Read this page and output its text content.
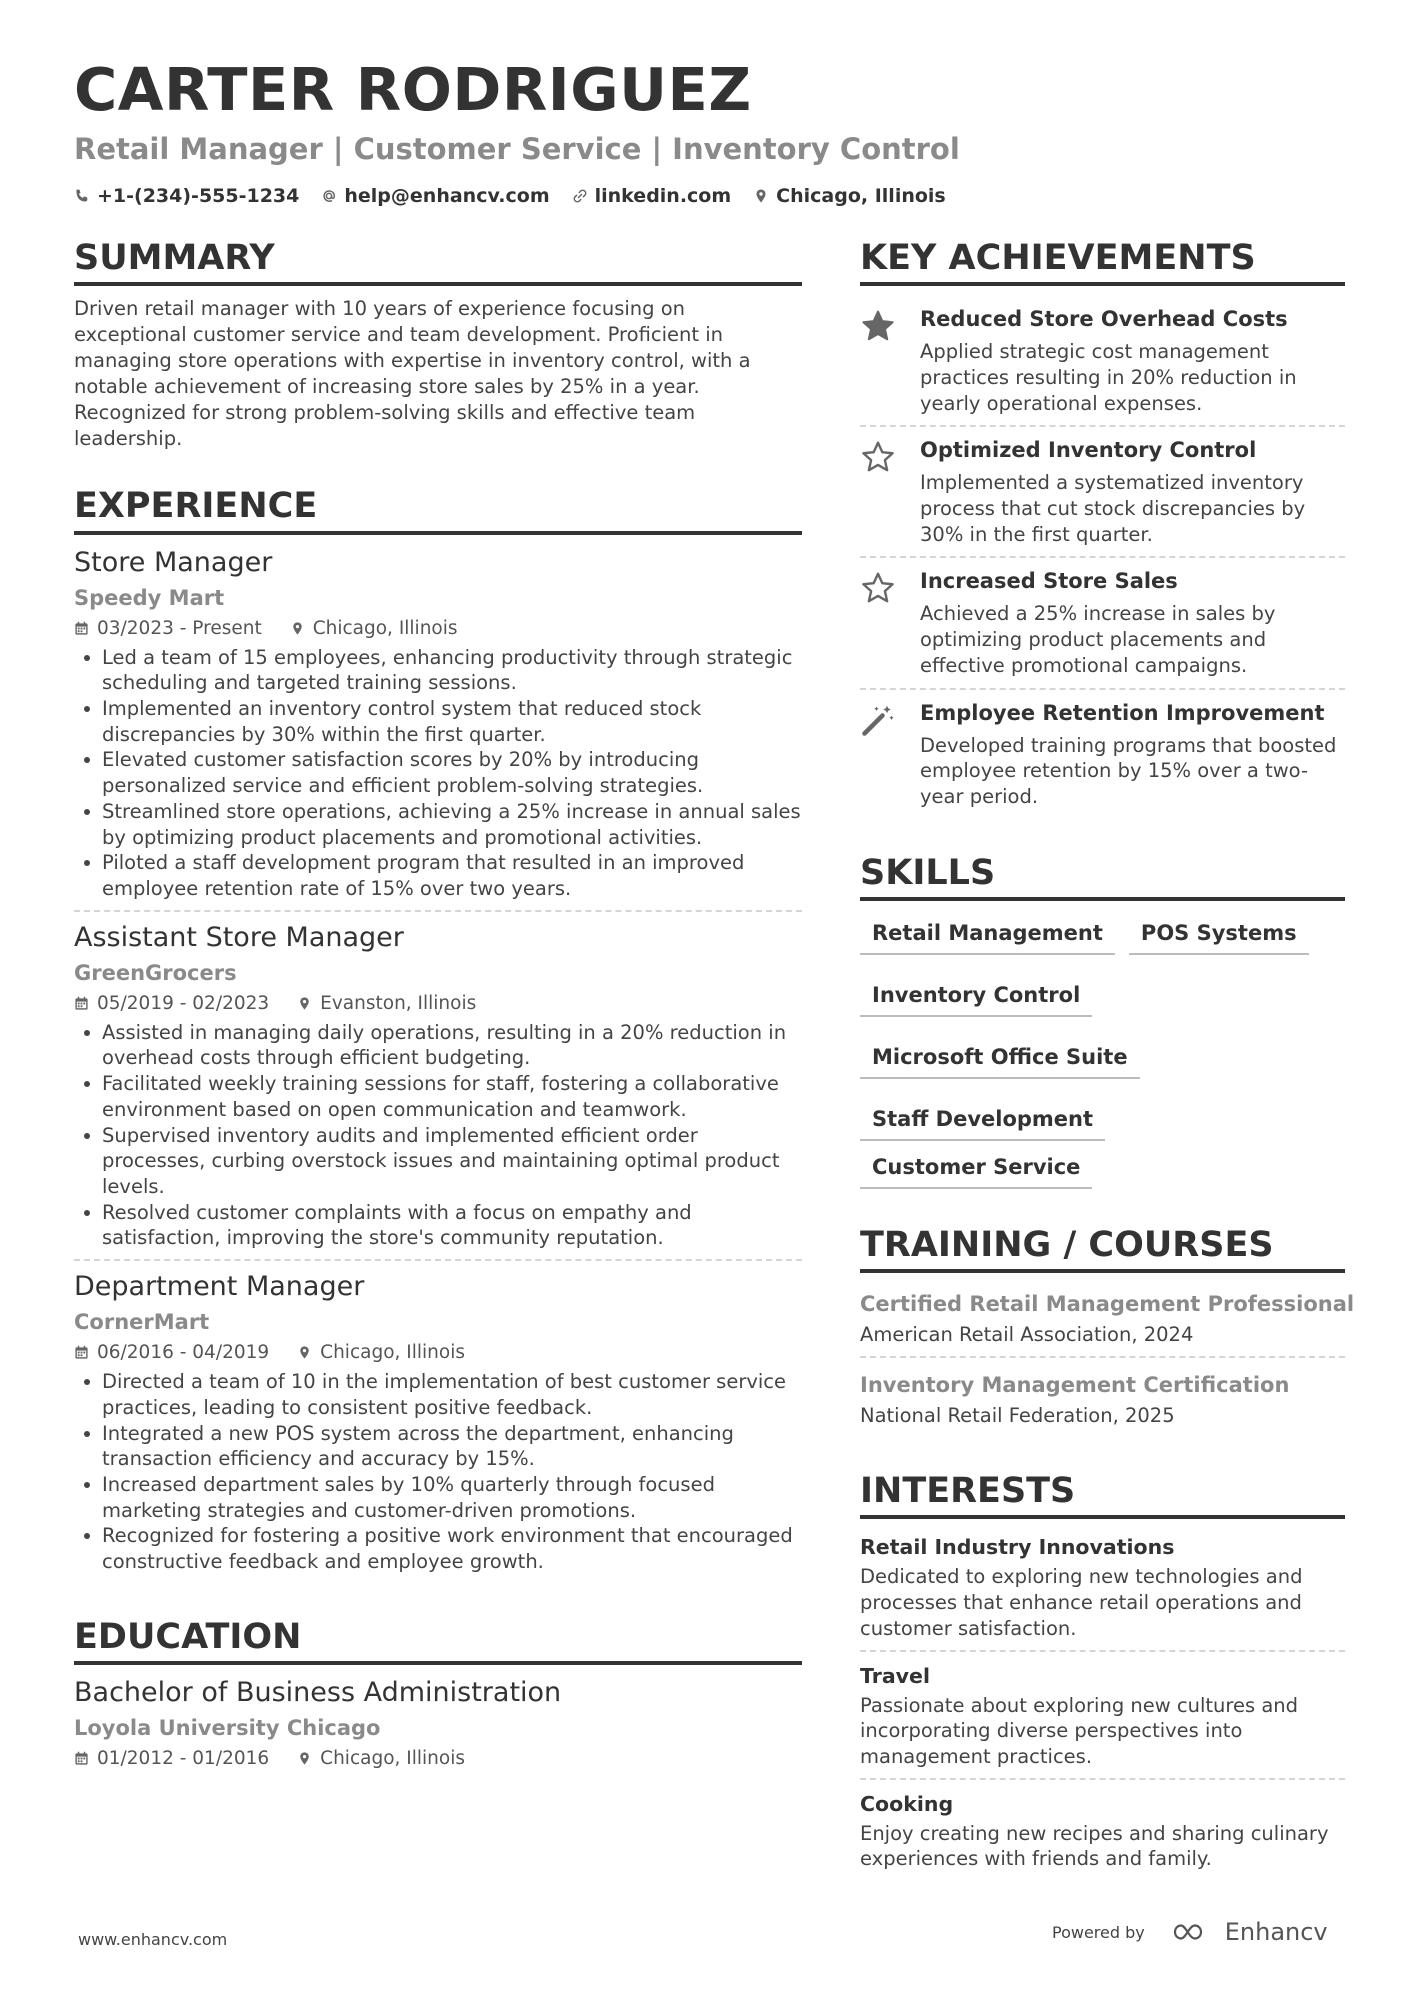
CARTER RODRIGUEZ
Retail Manager | Customer Service | Inventory Control
+1-(234)-555-1234 help@enhancv.com linkedin.com Chicago, Illinois
SUMMARY

Driven retail manager with 10 years of experience focusing on exceptional customer service and team development. Proficient in managing store operations with expertise in inventory control, with a notable achievement of increasing store sales by 25% in a year. Recognized for strong problem-solving skills and effective team leadership.

EXPERIENCE
Store Manager
Speedy Mart
03/2023 - Present	Chicago, Illinois
Led a team of 15 employees, enhancing productivity through strategic scheduling and targeted training sessions.
Implemented an inventory control system that reduced stock discrepancies by 30% within the first quarter.
Elevated customer satisfaction scores by 20% by introducing personalized service and efficient problem-solving strategies.
Streamlined store operations, achieving a 25% increase in annual sales by optimizing product placements and promotional activities.
Piloted a staff development program that resulted in an improved employee retention rate of 15% over two years.
Assistant Store Manager
GreenGrocers
05/2019 - 02/2023	Evanston, Illinois
Assisted in managing daily operations, resulting in a 20% reduction in overhead costs through efficient budgeting.
Facilitated weekly training sessions for staff, fostering a collaborative environment based on open communication and teamwork.
Supervised inventory audits and implemented efficient order processes, curbing overstock issues and maintaining optimal product levels.
Resolved customer complaints with a focus on empathy and satisfaction, improving the store's community reputation.
Department Manager
CornerMart
06/2016 - 04/2019	Chicago, Illinois
Directed a team of 10 in the implementation of best customer service practices, leading to consistent positive feedback.
Integrated a new POS system across the department, enhancing transaction efficiency and accuracy by 15%.
Increased department sales by 10% quarterly through focused marketing strategies and customer-driven promotions.
Recognized for fostering a positive work environment that encouraged constructive feedback and employee growth.
EDUCATION
Bachelor of Business Administration
Loyola University Chicago
01/2012 - 01/2016	Chicago, Illinois
KEY ACHIEVEMENTS
Reduced Store Overhead Costs
Applied strategic cost management practices resulting in 20% reduction in yearly operational expenses.
Optimized Inventory Control
Implemented a systematized inventory process that cut stock discrepancies by 30% in the first quarter.
Increased Store Sales
Achieved a 25% increase in sales by optimizing product placements and effective promotional campaigns.
Employee Retention Improvement
Developed training programs that boosted employee retention by 15% over a two-year period.
SKILLS
Retail Management	POS Systems
Inventory Control
Microsoft Office Suite
Staff Development
Customer Service
TRAINING / COURSES
Certified Retail Management Professional
American Retail Association, 2024
Inventory Management Certification
National Retail Federation, 2025
INTERESTS
Retail Industry Innovations
Dedicated to exploring new technologies and processes that enhance retail operations and customer satisfaction.
Travel
Passionate about exploring new cultures and incorporating diverse perspectives into management practices.
Cooking
Enjoy creating new recipes and sharing culinary experiences with friends and family.
www.enhancv.com	Powered by	Enhancv
